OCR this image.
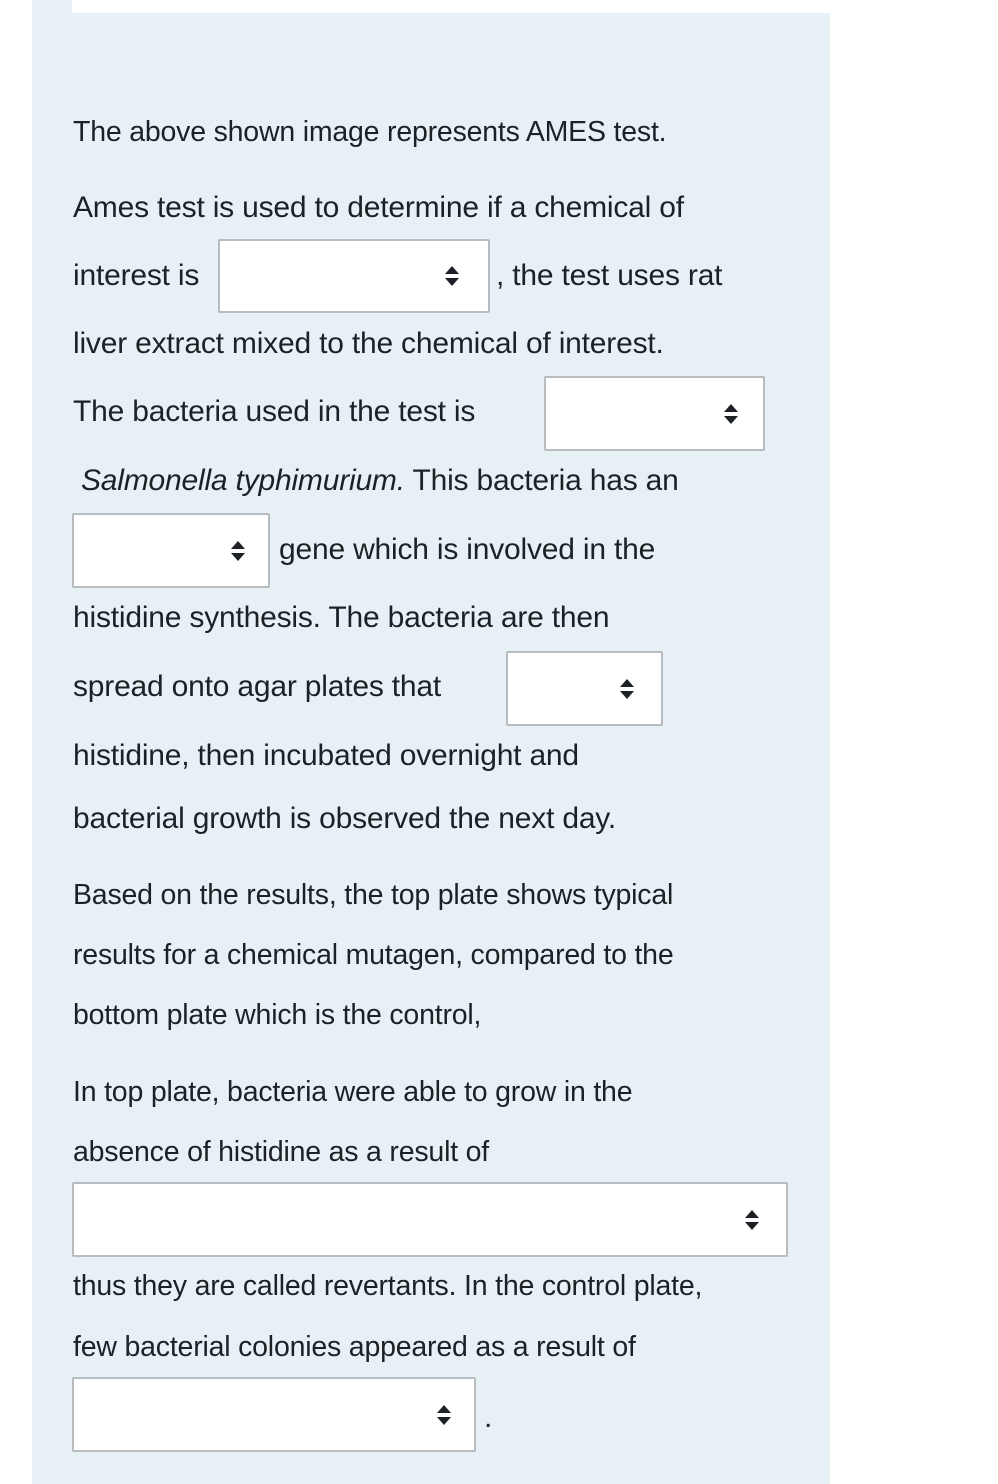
The above shown image represents AMES test.
Ames test is used to determine if a chemical of
interest is	, the test uses rat
liver extract mixed to the chemical of interest.
The bacteria used in the test is
Salmonella typhimurium. This bacteria has an
gene which is involved in the
histidine synthesis. The bacteria are then
spread onto agar plates that
histidine, then incubated overnight and
bacterial growth is observed the next day.
Based on the results, the top plate shows typical
results for a chemical mutagen, compared to the
bottom plate which is the control,
In top plate, bacteria were able to grow in the
absence of histidine as a result of
thus they are called revertants. In the control plate,
few bacterial colonies appeared as a result of
.
